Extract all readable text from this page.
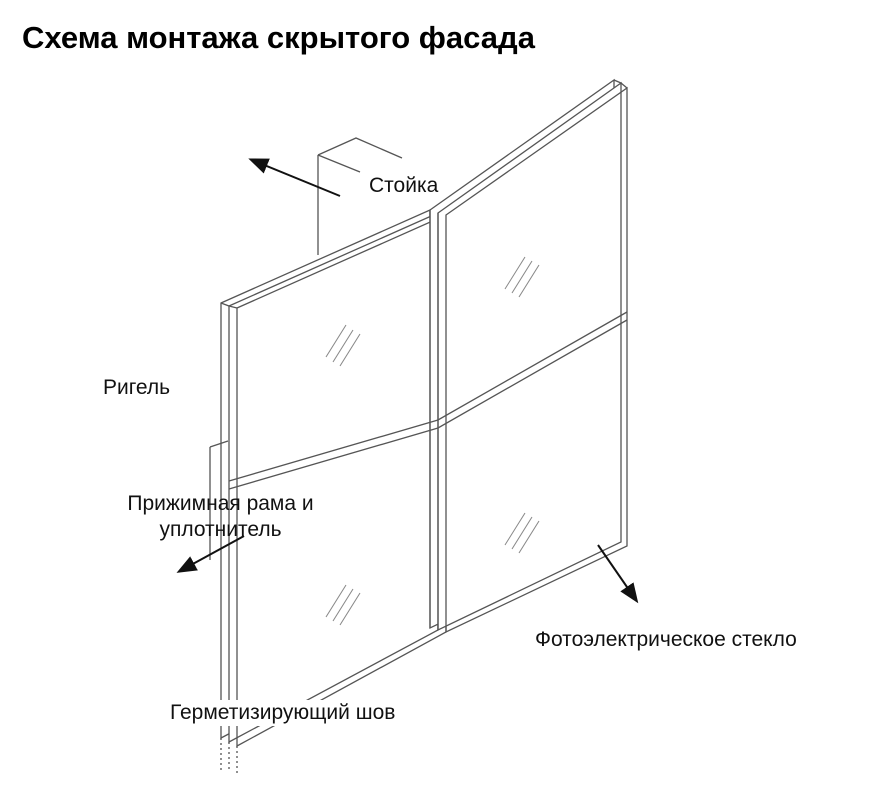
Схема монтажа скрытого фасада
Стойка
Ригель
Прижимная рама и
уплотнитель
Фотоэлектрическое стекло
Герметизирующий шов
